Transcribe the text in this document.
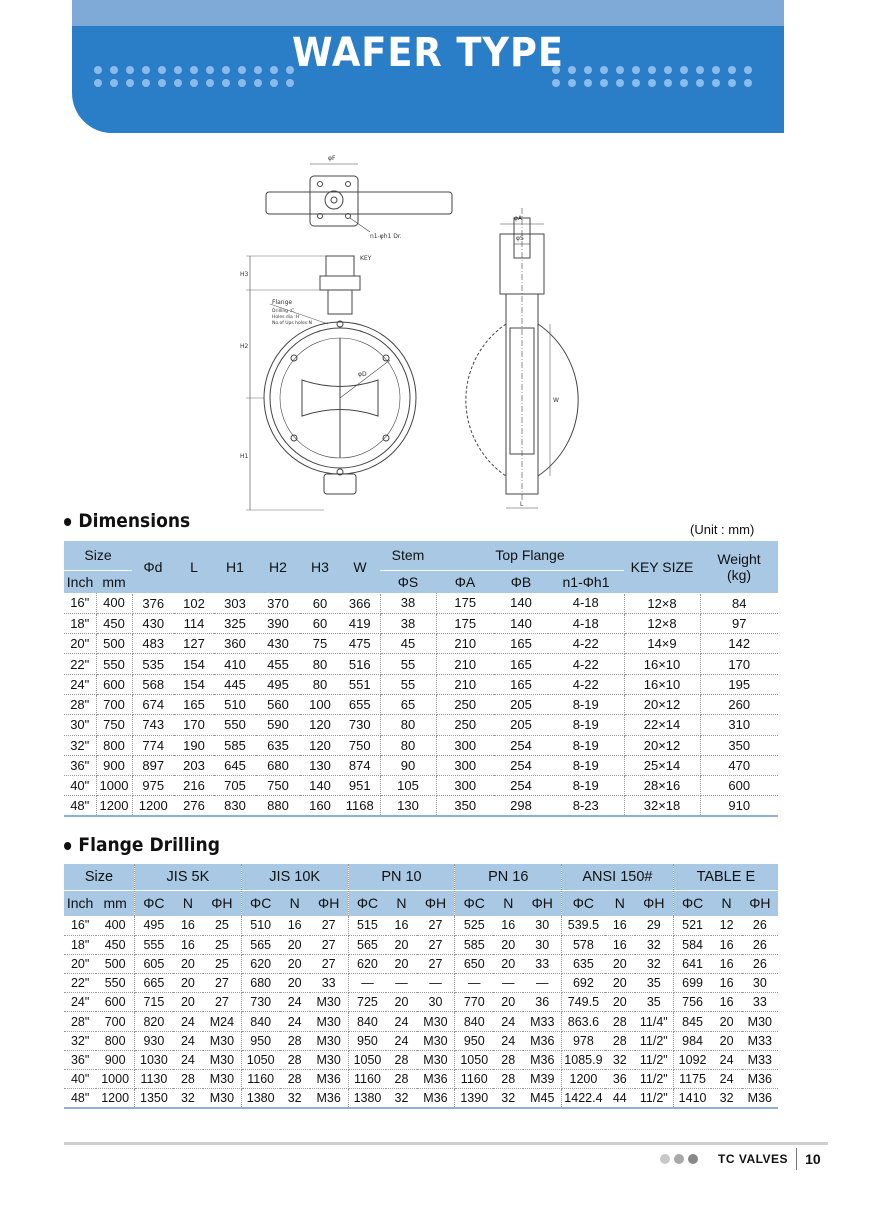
WAFER TYPE
φF
n1-φh1 Dr.
KEY
H3
H2
H1
Flange
Drilling :C
Holes dia :H
No.of Ups holes:N
φD
φA
φS
W
L
Dimensions	(Unit : mm)
Size		Φd	L	H1	H2	H3	W	Stem	Top Flange			KEY SIZE	Weight
(kg)
Inch	mm							ΦS	ΦA	ΦB	n1-Φh1		
16"	400	376	102	303	370	60	366	38	175	140	4-18	12×8	84
18"	450	430	114	325	390	60	419	38	175	140	4-18	12×8	97
20"	500	483	127	360	430	75	475	45	210	165	4-22	14×9	142
22"	550	535	154	410	455	80	516	55	210	165	4-22	16×10	170
24"	600	568	154	445	495	80	551	55	210	165	4-22	16×10	195
28"	700	674	165	510	560	100	655	65	250	205	8-19	20×12	260
30"	750	743	170	550	590	120	730	80	250	205	8-19	22×14	310
32"	800	774	190	585	635	120	750	80	300	254	8-19	20×12	350
36"	900	897	203	645	680	130	874	90	300	254	8-19	25×14	470
40"	1000	975	216	705	750	140	951	105	300	254	8-19	28×16	600
48"	1200	1200	276	830	880	160	1168	130	350	298	8-23	32×18	910
Flange Drilling
Size		JIS 5K			JIS 10K			PN 10			PN 16			ANSI 150#			TABLE E		
Inch	mm	ΦC	N	ΦH	ΦC	N	ΦH	ΦC	N	ΦH	ΦC	N	ΦH	ΦC	N	ΦH	ΦC	N	ΦH
16"	400	495	16	25	510	16	27	515	16	27	525	16	30	539.5	16	29	521	12	26
18"	450	555	16	25	565	20	27	565	20	27	585	20	30	578	16	32	584	16	26
20"	500	605	20	25	620	20	27	620	20	27	650	20	33	635	20	32	641	16	26
22"	550	665	20	27	680	20	33	—	—	—	—	—	—	692	20	35	699	16	30
24"	600	715	20	27	730	24	M30	725	20	30	770	20	36	749.5	20	35	756	16	33
28"	700	820	24	M24	840	24	M30	840	24	M30	840	24	M33	863.6	28	11/4"	845	20	M30
32"	800	930	24	M30	950	28	M30	950	24	M30	950	24	M36	978	28	11/2"	984	20	M33
36"	900	1030	24	M30	1050	28	M30	1050	28	M30	1050	28	M36	1085.9	32	11/2"	1092	24	M33
40"	1000	1130	28	M30	1160	28	M36	1160	28	M36	1160	28	M39	1200	36	11/2"	1175	24	M36
48"	1200	1350	32	M30	1380	32	M36	1380	32	M36	1390	32	M45	1422.4	44	11/2"	1410	32	M36
TC VALVES 10
